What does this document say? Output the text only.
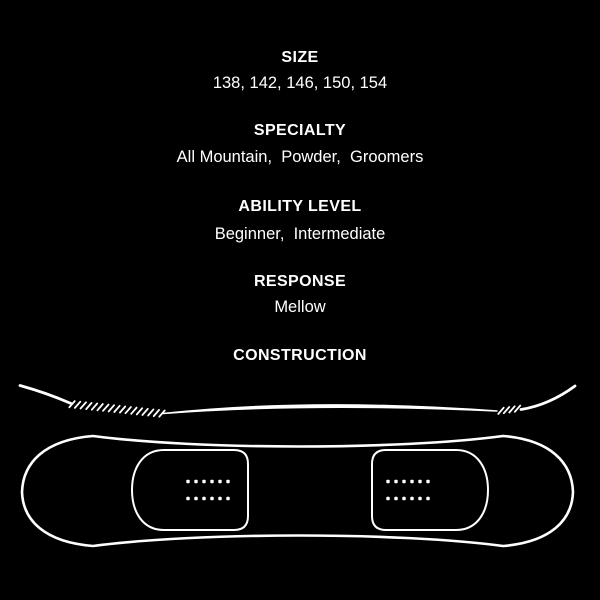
SIZE
138, 142, 146, 150, 154
SPECIALTY
All Mountain,  Powder,  Groomers
ABILITY LEVEL
Beginner,  Intermediate
RESPONSE
Mellow
CONSTRUCTION
